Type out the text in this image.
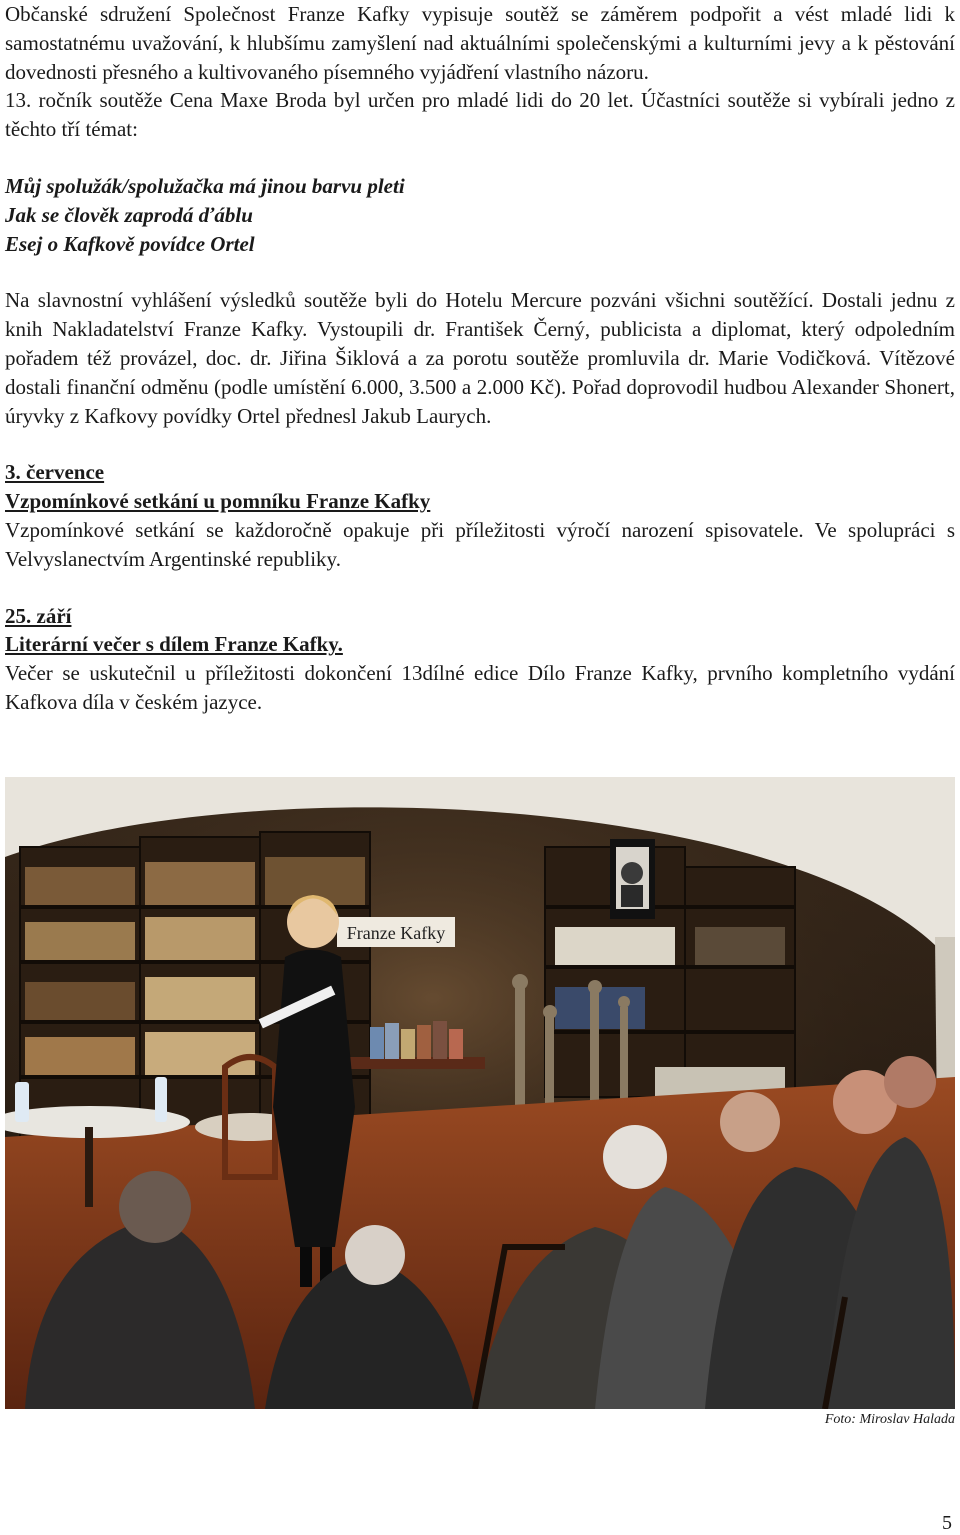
Občanské sdružení Společnost Franze Kafky vypisuje soutěž se záměrem podpořit a vést mladé lidi k samostatnému uvažování, k hlubšímu zamyšlení nad aktuálními společenskými a kulturními jevy a k pěstování dovednosti přesného a kultivovaného písemného vyjádření vlastního názoru.

13. ročník soutěže Cena Maxe Broda byl určen pro mladé lidi do 20 let. Účastníci soutěže si vybírali jedno z těchto tří témat:

Můj spolužák/spolužačka má jinou barvu pleti
Jak se člověk zaprodá ďáblu
Esej o Kafkově povídce Ortel

Na slavnostní vyhlášení výsledků soutěže byli do Hotelu Mercure pozváni všichni soutěžící. Dostali jednu z knih Nakladatelství Franze Kafky. Vystoupili dr. František Černý, publicista a diplomat, který odpoledním pořadem též provázel, doc. dr. Jiřina Šiklová a za porotu soutěže promluvila dr. Marie Vodičková. Vítězové dostali finanční odměnu (podle umístění 6.000, 3.500 a 2.000 Kč). Pořad doprovodil hudbou Alexander Shonert, úryvky z Kafkovy povídky Ortel přednesl Jakub Laurych.

3. července
Vzpomínkové setkání u pomníku Franze Kafky

Vzpomínkové setkání se každoročně opakuje při příležitosti výročí narození spisovatele. Ve spolupráci s Velvyslanectvím Argentinské republiky.

25. září
Literární večer s dílem Franze Kafky.

Večer se uskutečnil u příležitosti dokončení 13dílné edice Dílo Franze Kafky, prvního kompletního vydání Kafkova díla v českém jazyce.

Franze Kafky
Foto: Miroslav Halada
5
